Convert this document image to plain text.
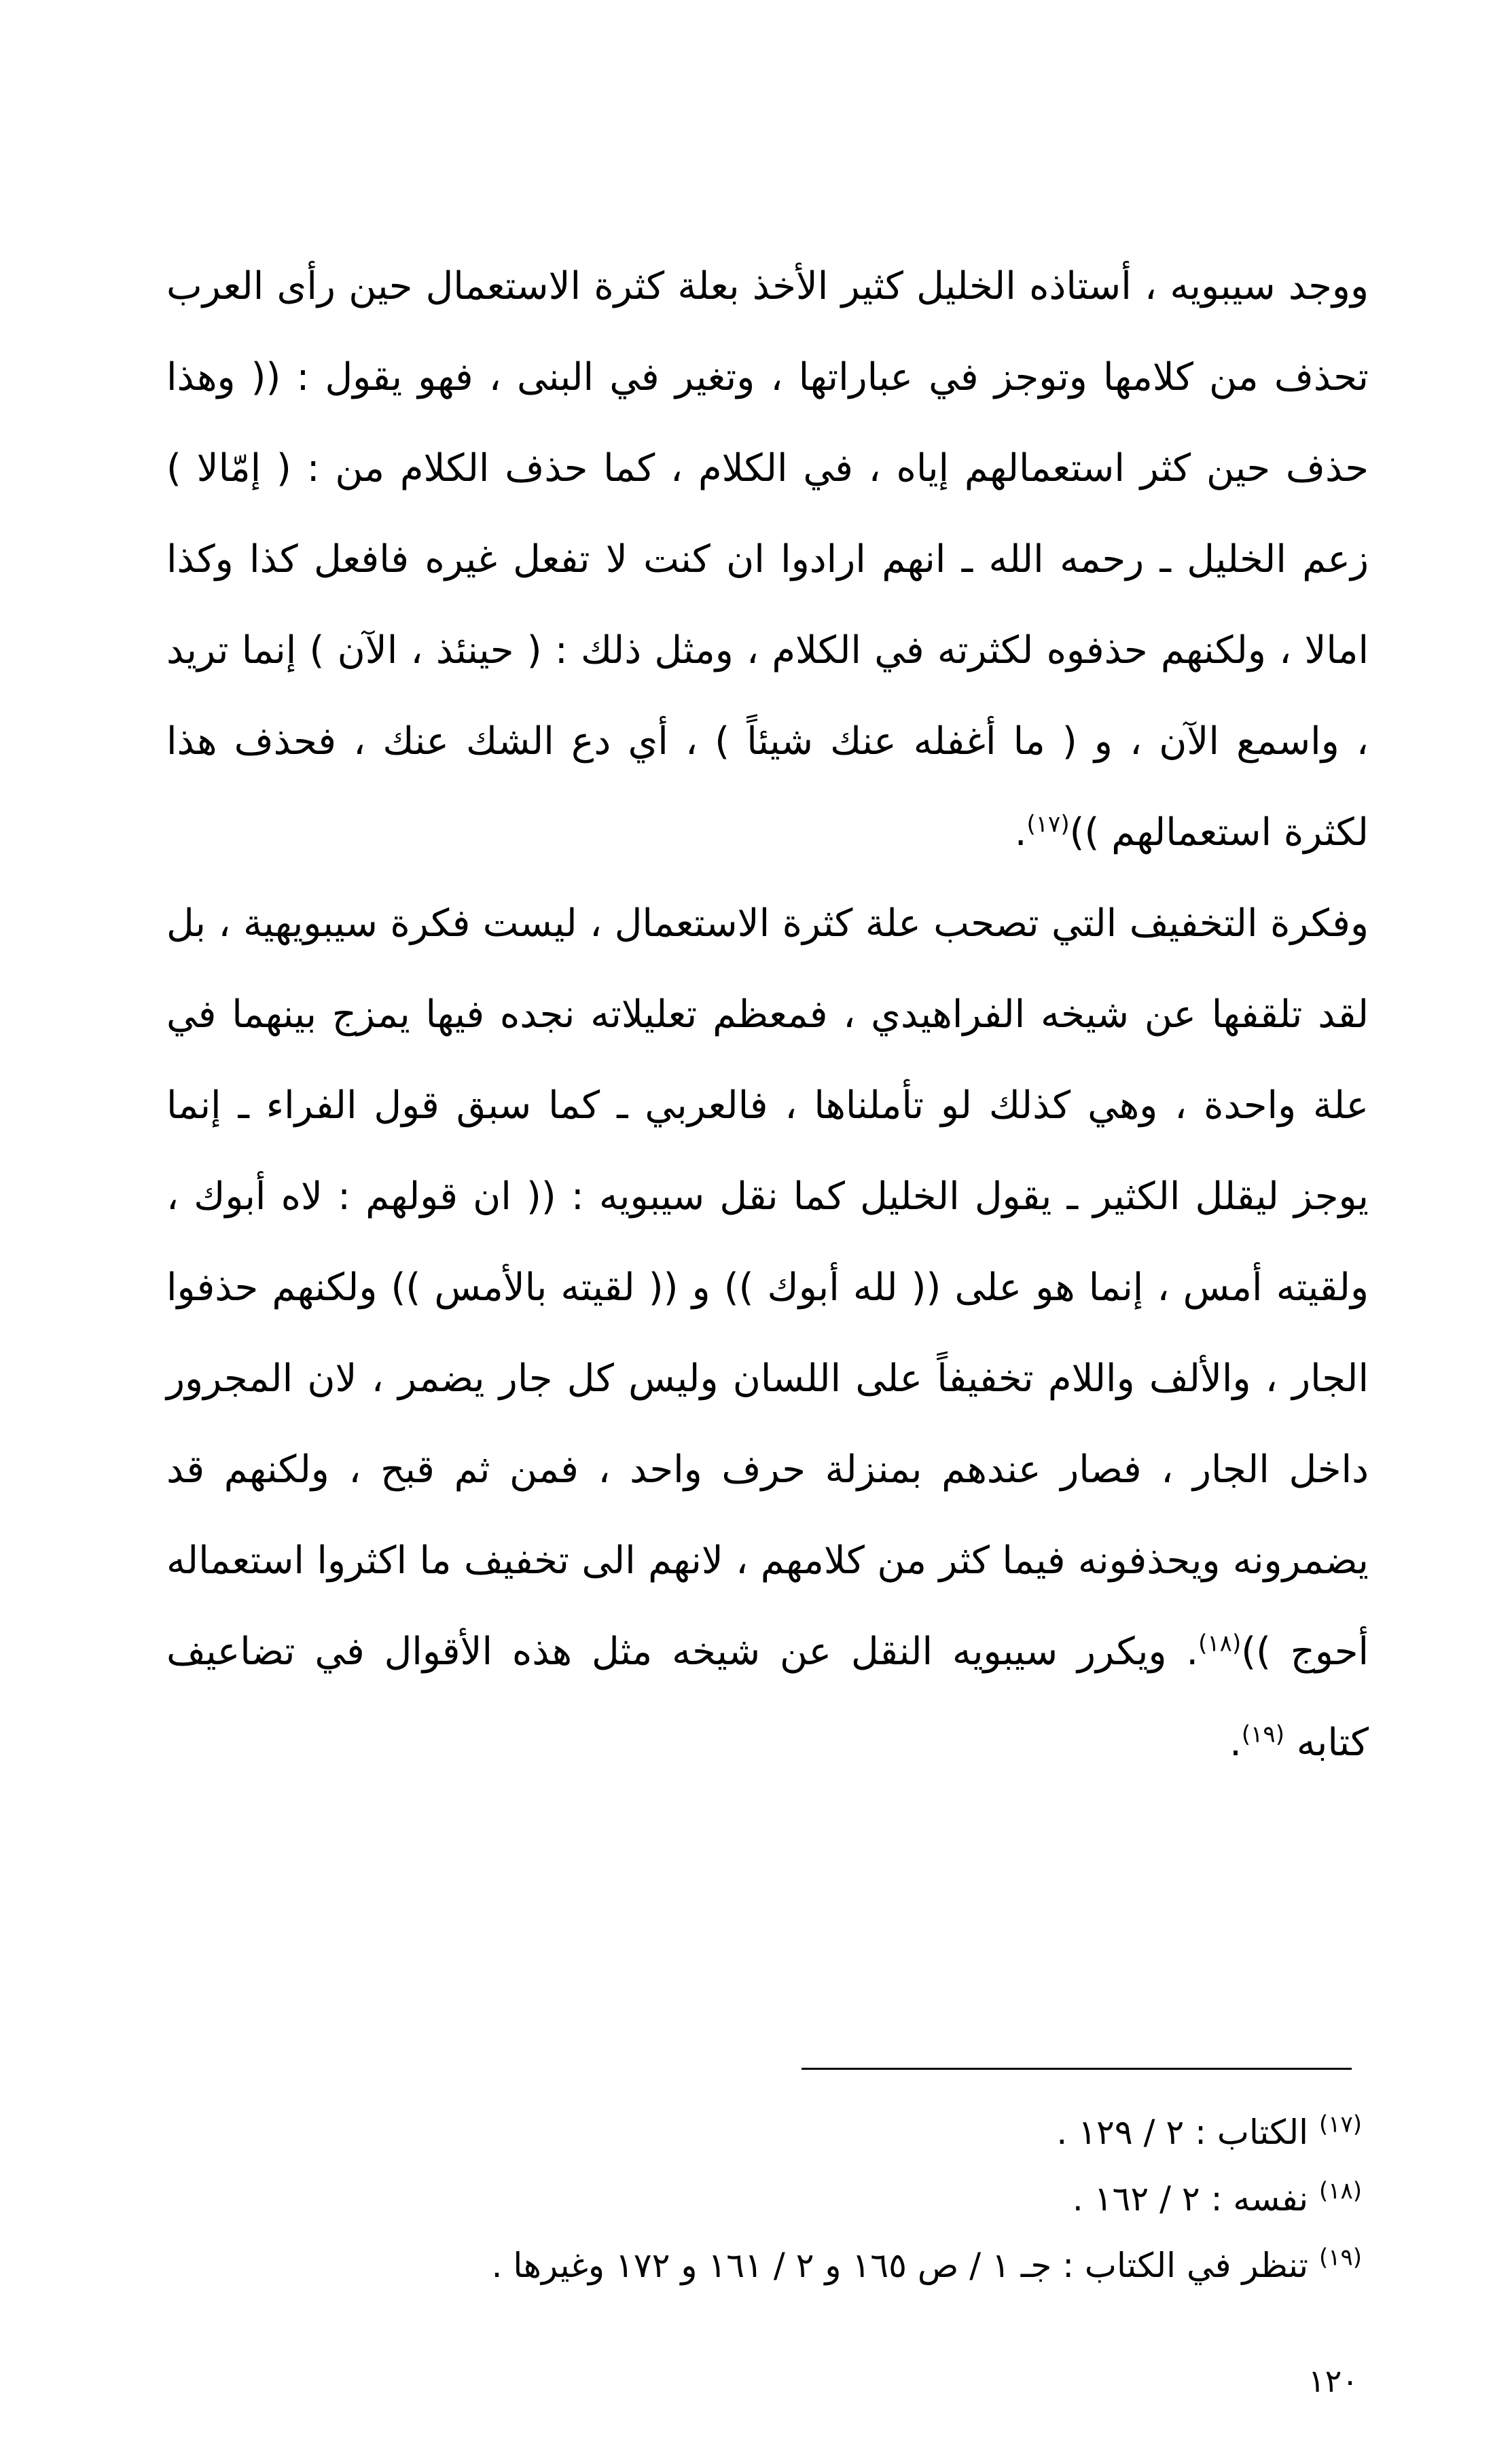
ووجد سيبويه ، أستاذه الخليل كثير الأخذ بعلة كثرة الاستعمال حين رأى العرب تحذف من كلامها وتوجز في عباراتها ، وتغير في البنى ، فهو يقول : (( وهذا حذف حين كثر استعمالهم إياه ، في الكلام ، كما حذف الكلام من : ( إمّالا ) زعم الخليل ـ رحمه الله ـ انهم ارادوا ان كنت لا تفعل غيره فافعل كذا وكذا امالا ، ولكنهم حذفوه لكثرته في الكلام ، ومثل ذلك : ( حينئذ ، الآن ) إنما تريد ، واسمع الآن ، و ( ما أغفله عنك شيئاً ) ، أي دع الشك عنك ، فحذف هذا لكثرة استعمالهم ))$^{(١٧)}$.

وفكرة التخفيف التي تصحب علة كثرة الاستعمال ، ليست فكرة سيبويهية ، بل لقد تلقفها عن شيخه الفراهيدي ، فمعظم تعليلاته نجده فيها يمزج بينهما في علة واحدة ، وهي كذلك لو تأملناها ، فالعربي ـ كما سبق قول الفراء ـ إنما يوجز ليقلل الكثير ـ يقول الخليل كما نقل سيبويه : (( ان قولهم : لاه أبوك ، ولقيته أمس ، إنما هو على (( لله أبوك )) و (( لقيته بالأمس )) ولكنهم حذفوا الجار ، والألف واللام تخفيفاً على اللسان وليس كل جار يضمر ، لان المجرور داخل الجار ، فصار عندهم بمنزلة حرف واحد ، فمن ثم قبح ، ولكنهم قد يضمرونه ويحذفونه فيما كثر من كلامهم ، لانهم الى تخفيف ما اكثروا استعماله أحوج ))$^{(١٨)}$. ويكرر سيبويه النقل عن شيخه مثل هذه الأقوال في تضاعيف كتابه $^{(١٩)}$.

$^{(١٧)}$ الكتاب : ٢ / ١٢٩ .

$^{(١٨)}$ نفسه : ٢ / ١٦٢ .

$^{(١٩)}$ تنظر في الكتاب : جـ ١ / ص ١٦٥ و ٢ / ١٦١ و ١٧٢ وغيرها .

١٢٠
